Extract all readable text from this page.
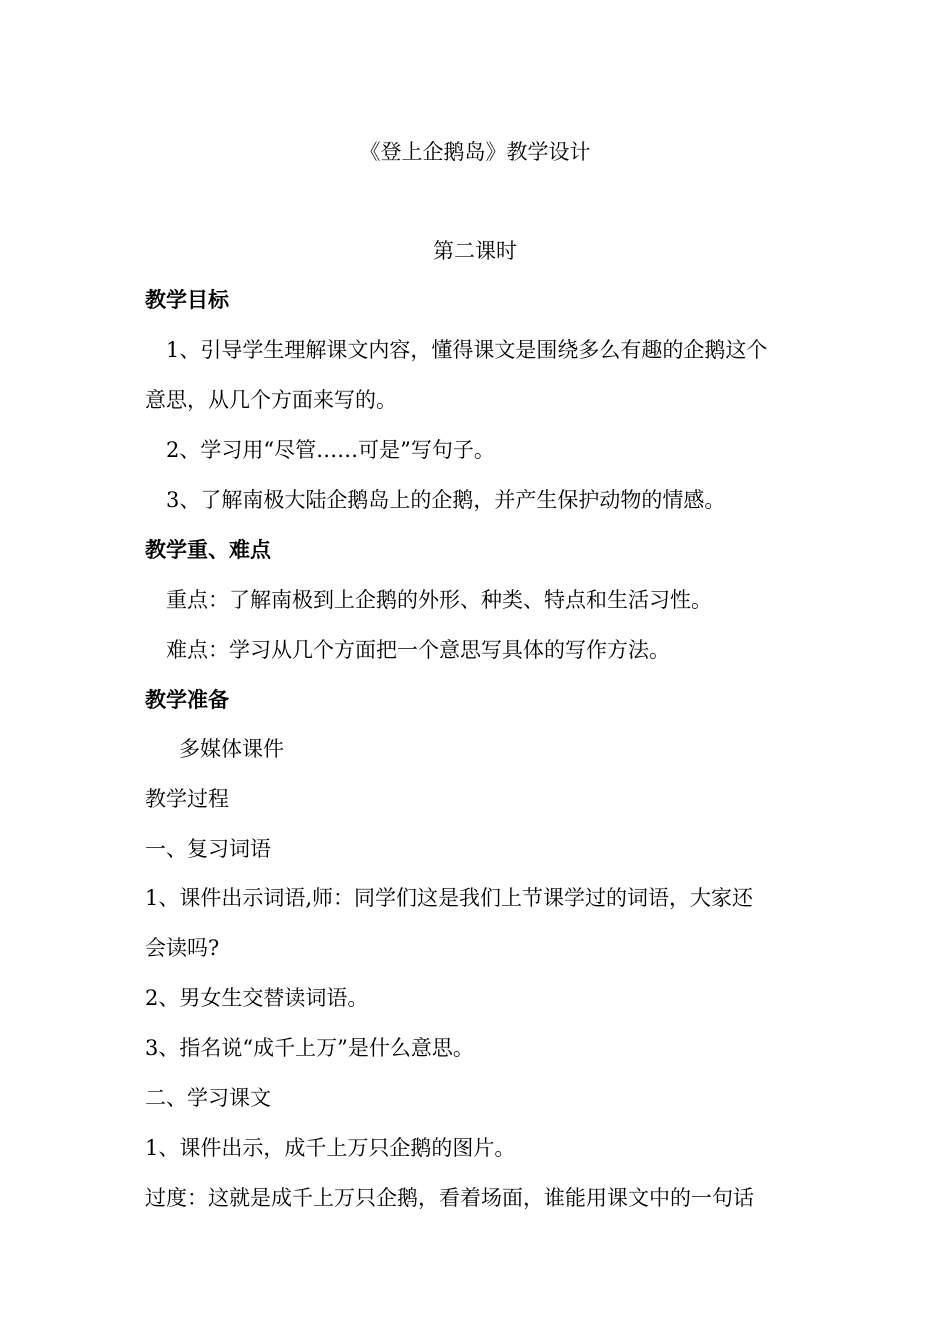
《登上企鹅岛》教学设计
第二课时
教学目标
1、引导学生理解课文内容，懂得课文是围绕多么有趣的企鹅这个
意思，从几个方面来写的。
2、学习用“尽管……可是”写句子。
3、了解南极大陆企鹅岛上的企鹅，并产生保护动物的情感。
教学重、难点
重点：了解南极到上企鹅的外形、种类、特点和生活习性。
难点：学习从几个方面把一个意思写具体的写作方法。
教学准备
多媒体课件
教学过程
一、复习词语
1、课件出示词语,师：同学们这是我们上节课学过的词语，大家还
会读吗?
2、男女生交替读词语。
3、指名说“成千上万”是什么意思。
二、学习课文
1、课件出示，成千上万只企鹅的图片。
过度：这就是成千上万只企鹅，看着场面，谁能用课文中的一句话
